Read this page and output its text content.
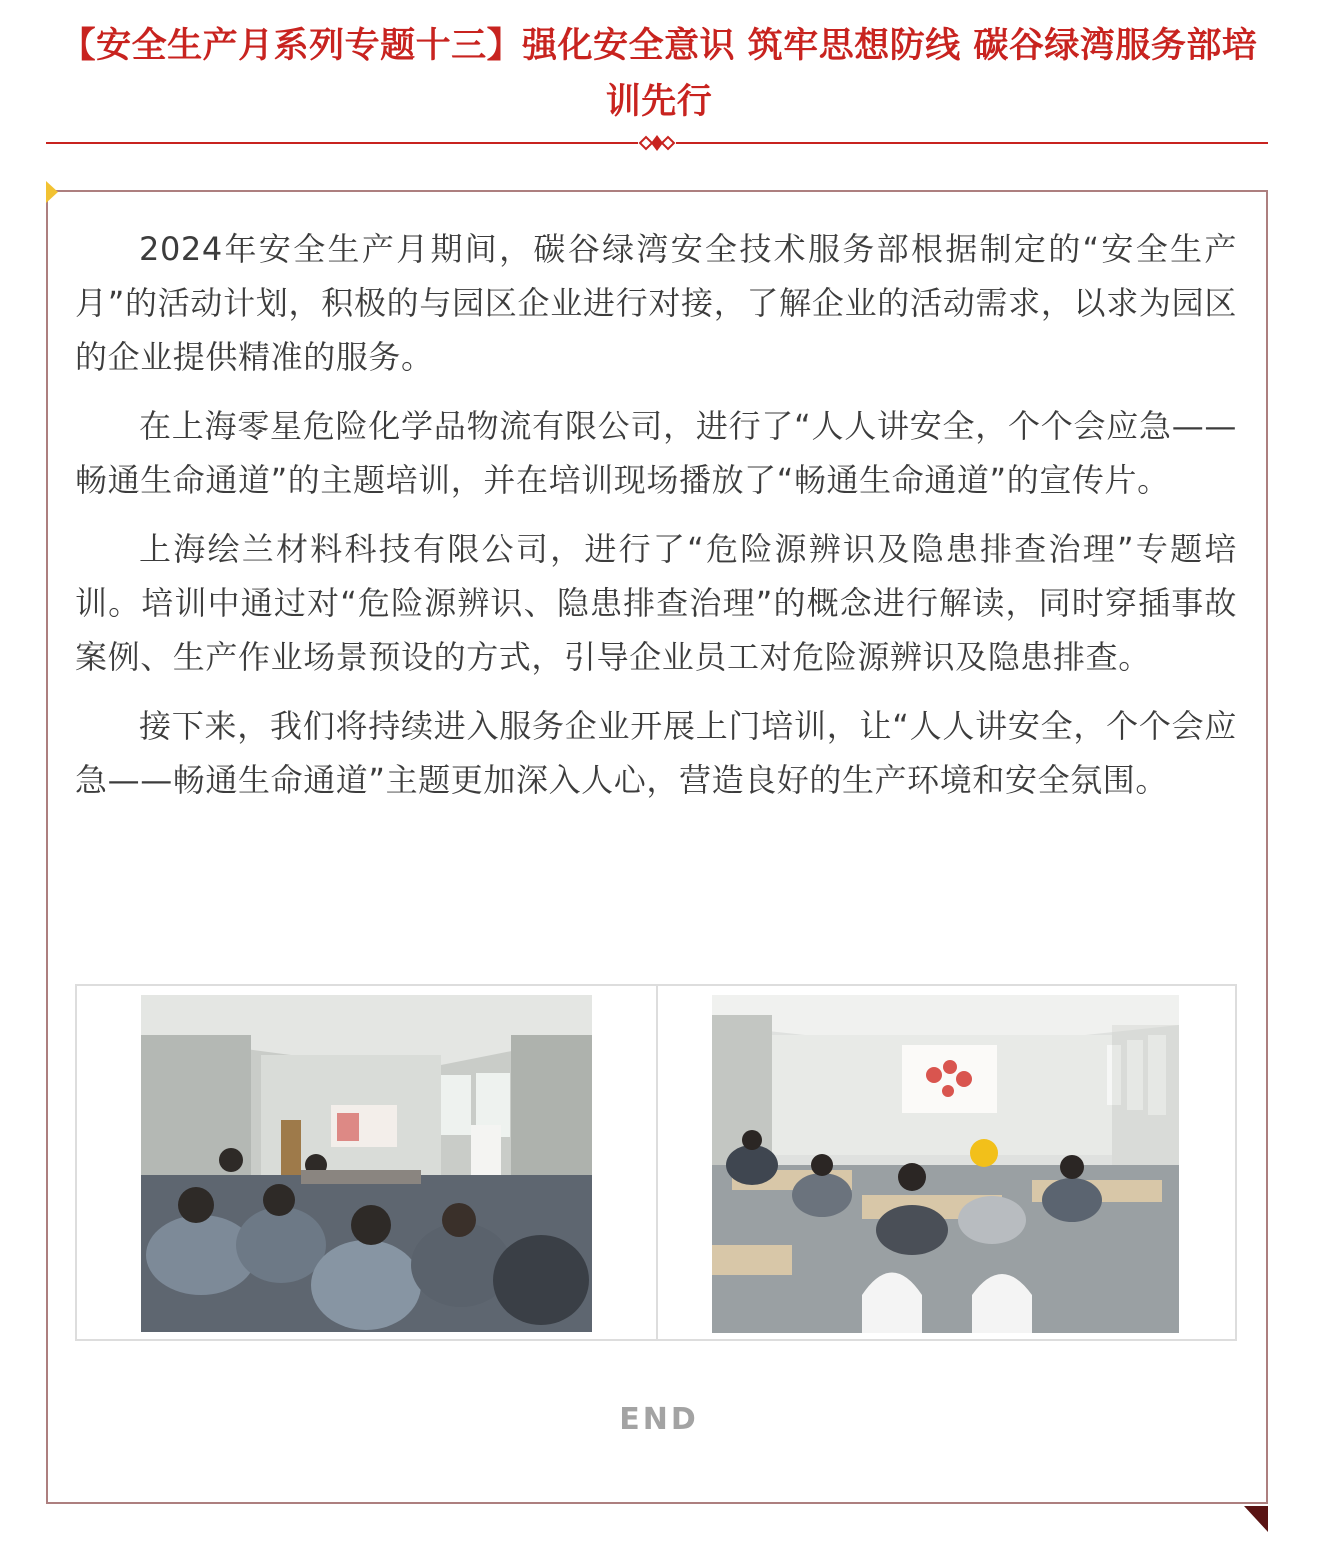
【安全生产月系列专题十三】强化安全意识 筑牢思想防线 碳谷绿湾服务部培训先行

2024年安全生产月期间，碳谷绿湾安全技术服务部根据制定的“安全生产月”的活动计划，积极的与园区企业进行对接，了解企业的活动需求，以求为园区的企业提供精准的服务。

在上海零星危险化学品物流有限公司，进行了“人人讲安全，个个会应急——畅通生命通道”的主题培训，并在培训现场播放了“畅通生命通道”的宣传片。

上海绘兰材料科技有限公司，进行了“危险源辨识及隐患排查治理”专题培训。培训中通过对“危险源辨识、隐患排查治理”的概念进行解读，同时穿插事故案例、生产作业场景预设的方式，引导企业员工对危险源辨识及隐患排查。

接下来，我们将持续进入服务企业开展上门培训，让“人人讲安全，个个会应急——畅通生命通道”主题更加深入人心，营造良好的生产环境和安全氛围。

END
